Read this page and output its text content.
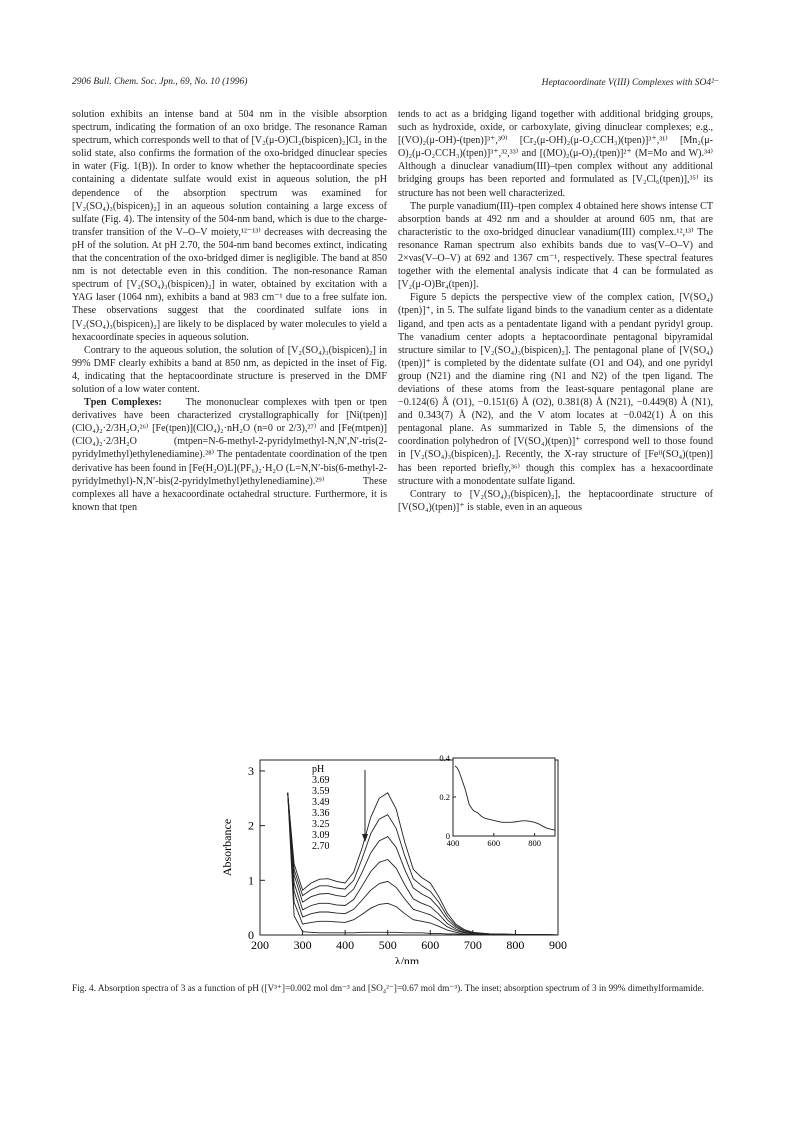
2906 Bull. Chem. Soc. Jpn., 69, No. 10 (1996)	Heptacoordinate V(III) Complexes with SO4²⁻

solution exhibits an intense band at 504 nm in the visible absorption spectrum, indicating the formation of an oxo bridge. The resonance Raman spectrum, which corresponds well to that of [V₂(μ-O)Cl₂(bispicen)₂]Cl₂ in the solid state, also confirms the formation of the oxo-bridged dinuclear species in water (Fig. 1(B)). In order to know whether the heptacoordinate species containing a didentate sulfate would exist in aqueous solution, the pH dependence of the absorption spectrum was examined for [V₂(SO₄)₃(bispicen)₂] in an aqueous solution containing a large excess of sulfate (Fig. 4). The intensity of the 504-nm band, which is due to the charge-transfer transition of the V–O–V moiety,¹²⁻¹³⁾ decreases with decreasing the pH of the solution. At pH 2.70, the 504-nm band becomes extinct, indicating that the concentration of the oxo-bridged dimer is negligible. The band at 850 nm is not detectable even in this condition. The non-resonance Raman spectrum of [V₂(SO₄)₃(bispicen)₂] in water, obtained by excitation with a YAG laser (1064 nm), exhibits a band at 983 cm⁻¹ due to a free sulfate ion. These observations suggest that the coordinated sulfate ions in [V₂(SO₄)₃(bispicen)₂] are likely to be displaced by water molecules to yield a hexacoordinate species in aqueous solution.

Contrary to the aqueous solution, the solution of [V₂(SO₄)₃(bispicen)₂] in 99% DMF clearly exhibits a band at 850 nm, as depicted in the inset of Fig. 4, indicating that the heptacoordinate structure is preserved in the DMF solution of a low water content.

Tpen Complexes: The mononuclear complexes with tpen or tpen derivatives have been characterized crystallographically for [Ni(tpen)](ClO₄)₂·2/3H₂O,²⁶⁾ [Fe(tpen)](ClO₄)₂·nH₂O (n=0 or 2/3),²⁷⁾ and [Fe(mtpen)](ClO₄)₂·2/3H₂O (mtpen=N-6-methyl-2-pyridylmethyl-N,N′,N′-tris(2-pyridylmethyl)ethylenediamine).²⁸⁾ The pentadentate coordination of the tpen derivative has been found in [Fe(H₂O)L](PF₆)₂·H₂O (L=N,N′-bis(6-methyl-2-pyridylmethyl)-N,N′-bis(2-pyridylmethyl)ethylenediamine).²⁹⁾ These complexes all have a hexacoordinate octahedral structure. Furthermore, it is known that tpen

tends to act as a bridging ligand together with additional bridging groups, such as hydroxide, oxide, or carboxylate, giving dinuclear complexes; e.g., [(VO)₂(μ-OH)-(tpen)]³⁺,³⁰⁾ [Cr₂(μ-OH)₂(μ-O₂CCH₃)(tpen)]³⁺,³¹⁾ [Mn₂(μ-O)₂(μ-O₂CCH₃)(tpen)]³⁺,³²,³³⁾ and [(MO)₂(μ-O)₂(tpen)]²⁺ (M=Mo and W).³⁴⁾ Although a dinuclear vanadium(III)–tpen complex without any additional bridging groups has been reported and formulated as [V₂Cl₆(tpen)],³⁵⁾ its structure has not been well characterized.

The purple vanadium(III)–tpen complex 4 obtained here shows intense CT absorption bands at 492 nm and a shoulder at around 605 nm, that are characteristic to the oxo-bridged dinuclear vanadium(III) complex.¹²,¹³⁾ The resonance Raman spectrum also exhibits bands due to νas(V–O–V) and 2×νas(V–O–V) at 692 and 1367 cm⁻¹, respectively. These spectral features together with the elemental analysis indicate that 4 can be formulated as [V₂(μ-O)Br₄(tpen)].

Figure 5 depicts the perspective view of the complex cation, [V(SO₄)(tpen)]⁺, in 5. The sulfate ligand binds to the vanadium center as a didentate ligand, and tpen acts as a pentadentate ligand with a pendant pyridyl group. The vanadium center adopts a heptacoordinate pentagonal bipyramidal structure similar to [V₂(SO₄)₃(bispicen)₂]. The pentagonal plane of [V(SO₄)(tpen)]⁺ is completed by the didentate sulfate (O1 and O4), and one pyridyl group (N21) and the diamine ring (N1 and N2) of the tpen ligand. The deviations of these atoms from the least-square pentagonal plane are −0.124(6) Å (O1), −0.151(6) Å (O2), 0.381(8) Å (N21), −0.449(8) Å (N1), and 0.343(7) Å (N2), and the V atom locates at −0.042(1) Å on this pentagonal plane. As summarized in Table 5, the dimensions of the coordination polyhedron of [V(SO₄)(tpen)]⁺ correspond well to those found in [V₂(SO₄)₃(bispicen)₂]. Recently, the X-ray structure of [Feᴵᴵ(SO₄)(tpen)] has been reported briefly,³⁶⁾ though this complex has a hexacoordinate structure with a monodentate sulfate ligand.

Contrary to [V₂(SO₄)₃(bispicen)₂], the heptacoordinate structure of [V(SO₄)(tpen)]⁺ is stable, even in an aqueous

200 300 400 500 600 700 800 900
0
1
2
3
λ/nm
Absorbance
pH
3.69
3.59
3.49
3.36
3.25
3.09
2.70	400	600	800
0
0.2
0.4
Fig. 4. Absorption spectra of 3 as a function of pH ([V³⁺]=0.002 mol dm⁻³ and [SO₄²⁻]=0.67 mol dm⁻³). The inset; absorption spectrum of 3 in 99% dimethylformamide.
